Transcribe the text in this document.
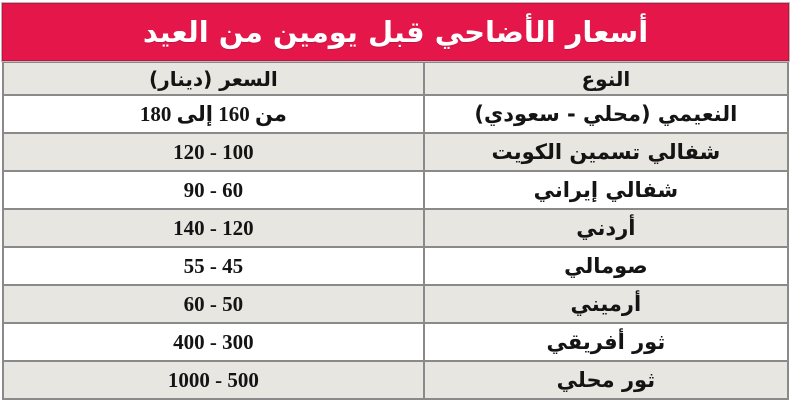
أسعار الأضاحي قبل يومين من العيد
النوع	السعر (دينار)
النعيمي (محلي - سعودي)	من 160 إلى 180
شفالي تسمين الكويت	120 - 100
شفالي إيراني	90 - 60
أردني	140 - 120
صومالي	55 - 45
أرميني	60 - 50
ثور أفريقي	400 - 300
ثور محلي	1000 - 500
